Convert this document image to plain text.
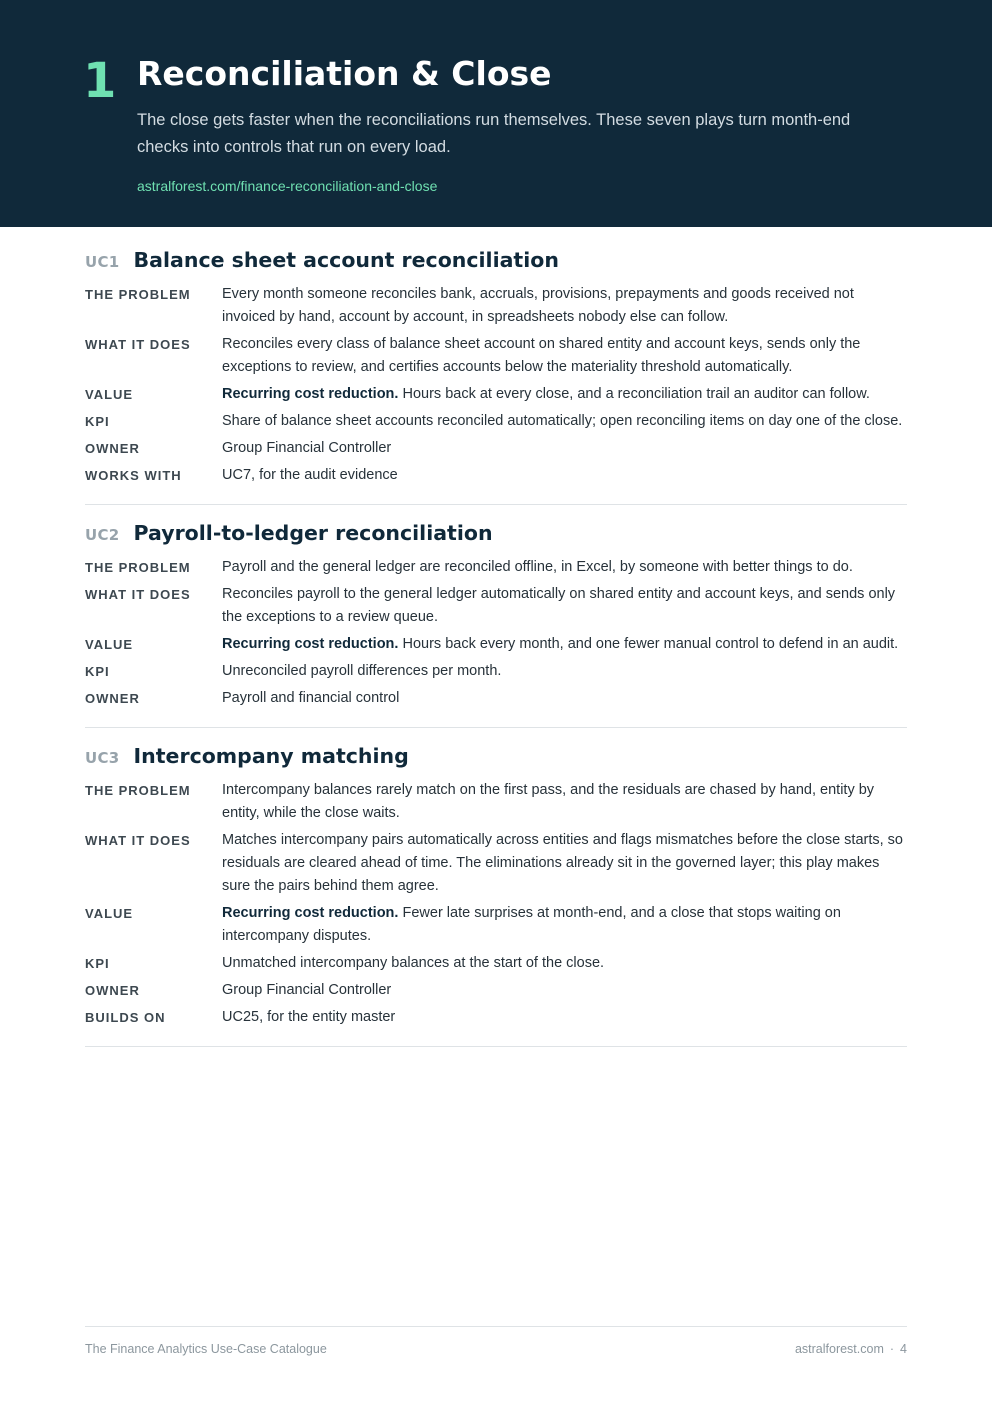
1 Reconciliation & Close

The close gets faster when the reconciliations run themselves. These seven plays turn month-end checks into controls that run on every load.

astralforest.com/finance-reconciliation-and-close
UC1 Balance sheet account reconciliation
THE PROBLEM	Every month someone reconciles bank, accruals, provisions, prepayments and goods received not invoiced by hand, account by account, in spreadsheets nobody else can follow.
WHAT IT DOES	Reconciles every class of balance sheet account on shared entity and account keys, sends only the exceptions to review, and certifies accounts below the materiality threshold automatically.
VALUE	Recurring cost reduction. Hours back at every close, and a reconciliation trail an auditor can follow.
KPI	Share of balance sheet accounts reconciled automatically; open reconciling items on day one of the close.
OWNER	Group Financial Controller
WORKS WITH	UC7, for the audit evidence
UC2 Payroll-to-ledger reconciliation
THE PROBLEM	Payroll and the general ledger are reconciled offline, in Excel, by someone with better things to do.
WHAT IT DOES	Reconciles payroll to the general ledger automatically on shared entity and account keys, and sends only the exceptions to a review queue.
VALUE	Recurring cost reduction. Hours back every month, and one fewer manual control to defend in an audit.
KPI	Unreconciled payroll differences per month.
OWNER	Payroll and financial control
UC3 Intercompany matching
THE PROBLEM	Intercompany balances rarely match on the first pass, and the residuals are chased by hand, entity by entity, while the close waits.
WHAT IT DOES	Matches intercompany pairs automatically across entities and flags mismatches before the close starts, so residuals are cleared ahead of time. The eliminations already sit in the governed layer; this play makes sure the pairs behind them agree.
VALUE	Recurring cost reduction. Fewer late surprises at month-end, and a close that stops waiting on intercompany disputes.
KPI	Unmatched intercompany balances at the start of the close.
OWNER	Group Financial Controller
BUILDS ON	UC25, for the entity master
The Finance Analytics Use-Case Catalogue	astralforest.com · 4
